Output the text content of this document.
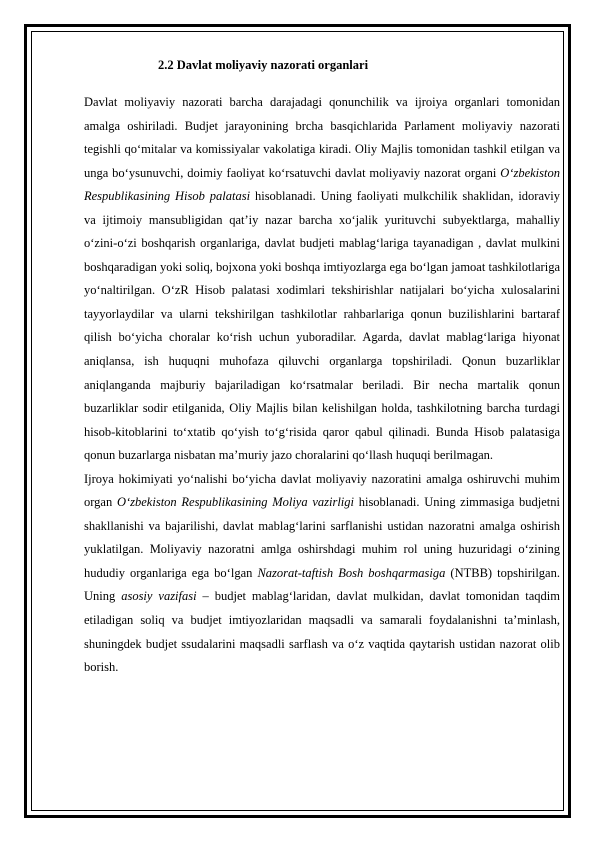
2.2 Davlat moliyaviy nazorati organlari

Davlat moliyaviy nazorati barcha darajadagi qonunchilik va ijroiya organlari tomonidan amalga oshiriladi. Budjet jarayonining brcha basqichlarida Parlament moliyaviy nazorati tegishli qo‘mitalar va komissiyalar vakolatiga kiradi. Oliy Majlis tomonidan tashkil etilgan va unga bo‘ysunuvchi, doimiy faoliyat ko‘rsatuvchi davlat moliyaviy nazorat organi O‘zbekiston Respublikasining Hisob palatasi hisoblanadi. Uning faoliyati mulkchilik shaklidan, idoraviy va ijtimoiy mansubligidan qat’iy nazar barcha xo‘jalik yurituvchi subyektlarga, mahalliy o‘zini-o‘zi boshqarish organlariga, davlat budjeti mablag‘lariga tayanadigan , davlat mulkini boshqaradigan yoki soliq, bojxona yoki boshqa imtiyozlarga ega bo‘lgan jamoat tashkilotlariga yo‘naltirilgan. O‘zR Hisob palatasi xodimlari tekshirishlar natijalari bo‘yicha xulosalarini tayyorlaydilar va ularni tekshirilgan tashkilotlar rahbarlariga qonun buzilishlarini bartaraf qilish bo‘yicha choralar ko‘rish uchun yuboradilar. Agarda, davlat mablag‘lariga hiyonat aniqlansa, ish huquqni muhofaza qiluvchi organlarga topshiriladi. Qonun buzarliklar aniqlanganda majburiy bajariladigan ko‘rsatmalar beriladi. Bir necha martalik qonun buzarliklar sodir etilganida, Oliy Majlis bilan kelishilgan holda, tashkilotning barcha turdagi hisob-kitoblarini to‘xtatib qo‘yish to‘g‘risida qaror qabul qilinadi. Bunda Hisob palatasiga qonun buzarlarga nisbatan ma’muriy jazo choralarini qo‘llash huquqi berilmagan.

Ijroya hokimiyati yo‘nalishi bo‘yicha davlat moliyaviy nazoratini amalga oshiruvchi muhim organ O‘zbekiston Respublikasining Moliya vazirligi hisoblanadi. Uning zimmasiga budjetni shakllanishi va bajarilishi, davlat mablag‘larini sarflanishi ustidan nazoratni amalga oshirish yuklatilgan. Moliyaviy nazoratni amlga oshirshdagi muhim rol uning huzuridagi o‘zining hududiy organlariga ega bo‘lgan Nazorat-taftish Bosh boshqarmasiga (NTBB) topshirilgan. Uning asosiy vazifasi – budjet mablag‘laridan, davlat mulkidan, davlat tomonidan taqdim etiladigan soliq va budjet imtiyozlaridan maqsadli va samarali foydalanishni ta’minlash, shuningdek budjet ssudalarini maqsadli sarflash va o‘z vaqtida qaytarish ustidan nazorat olib borish.
